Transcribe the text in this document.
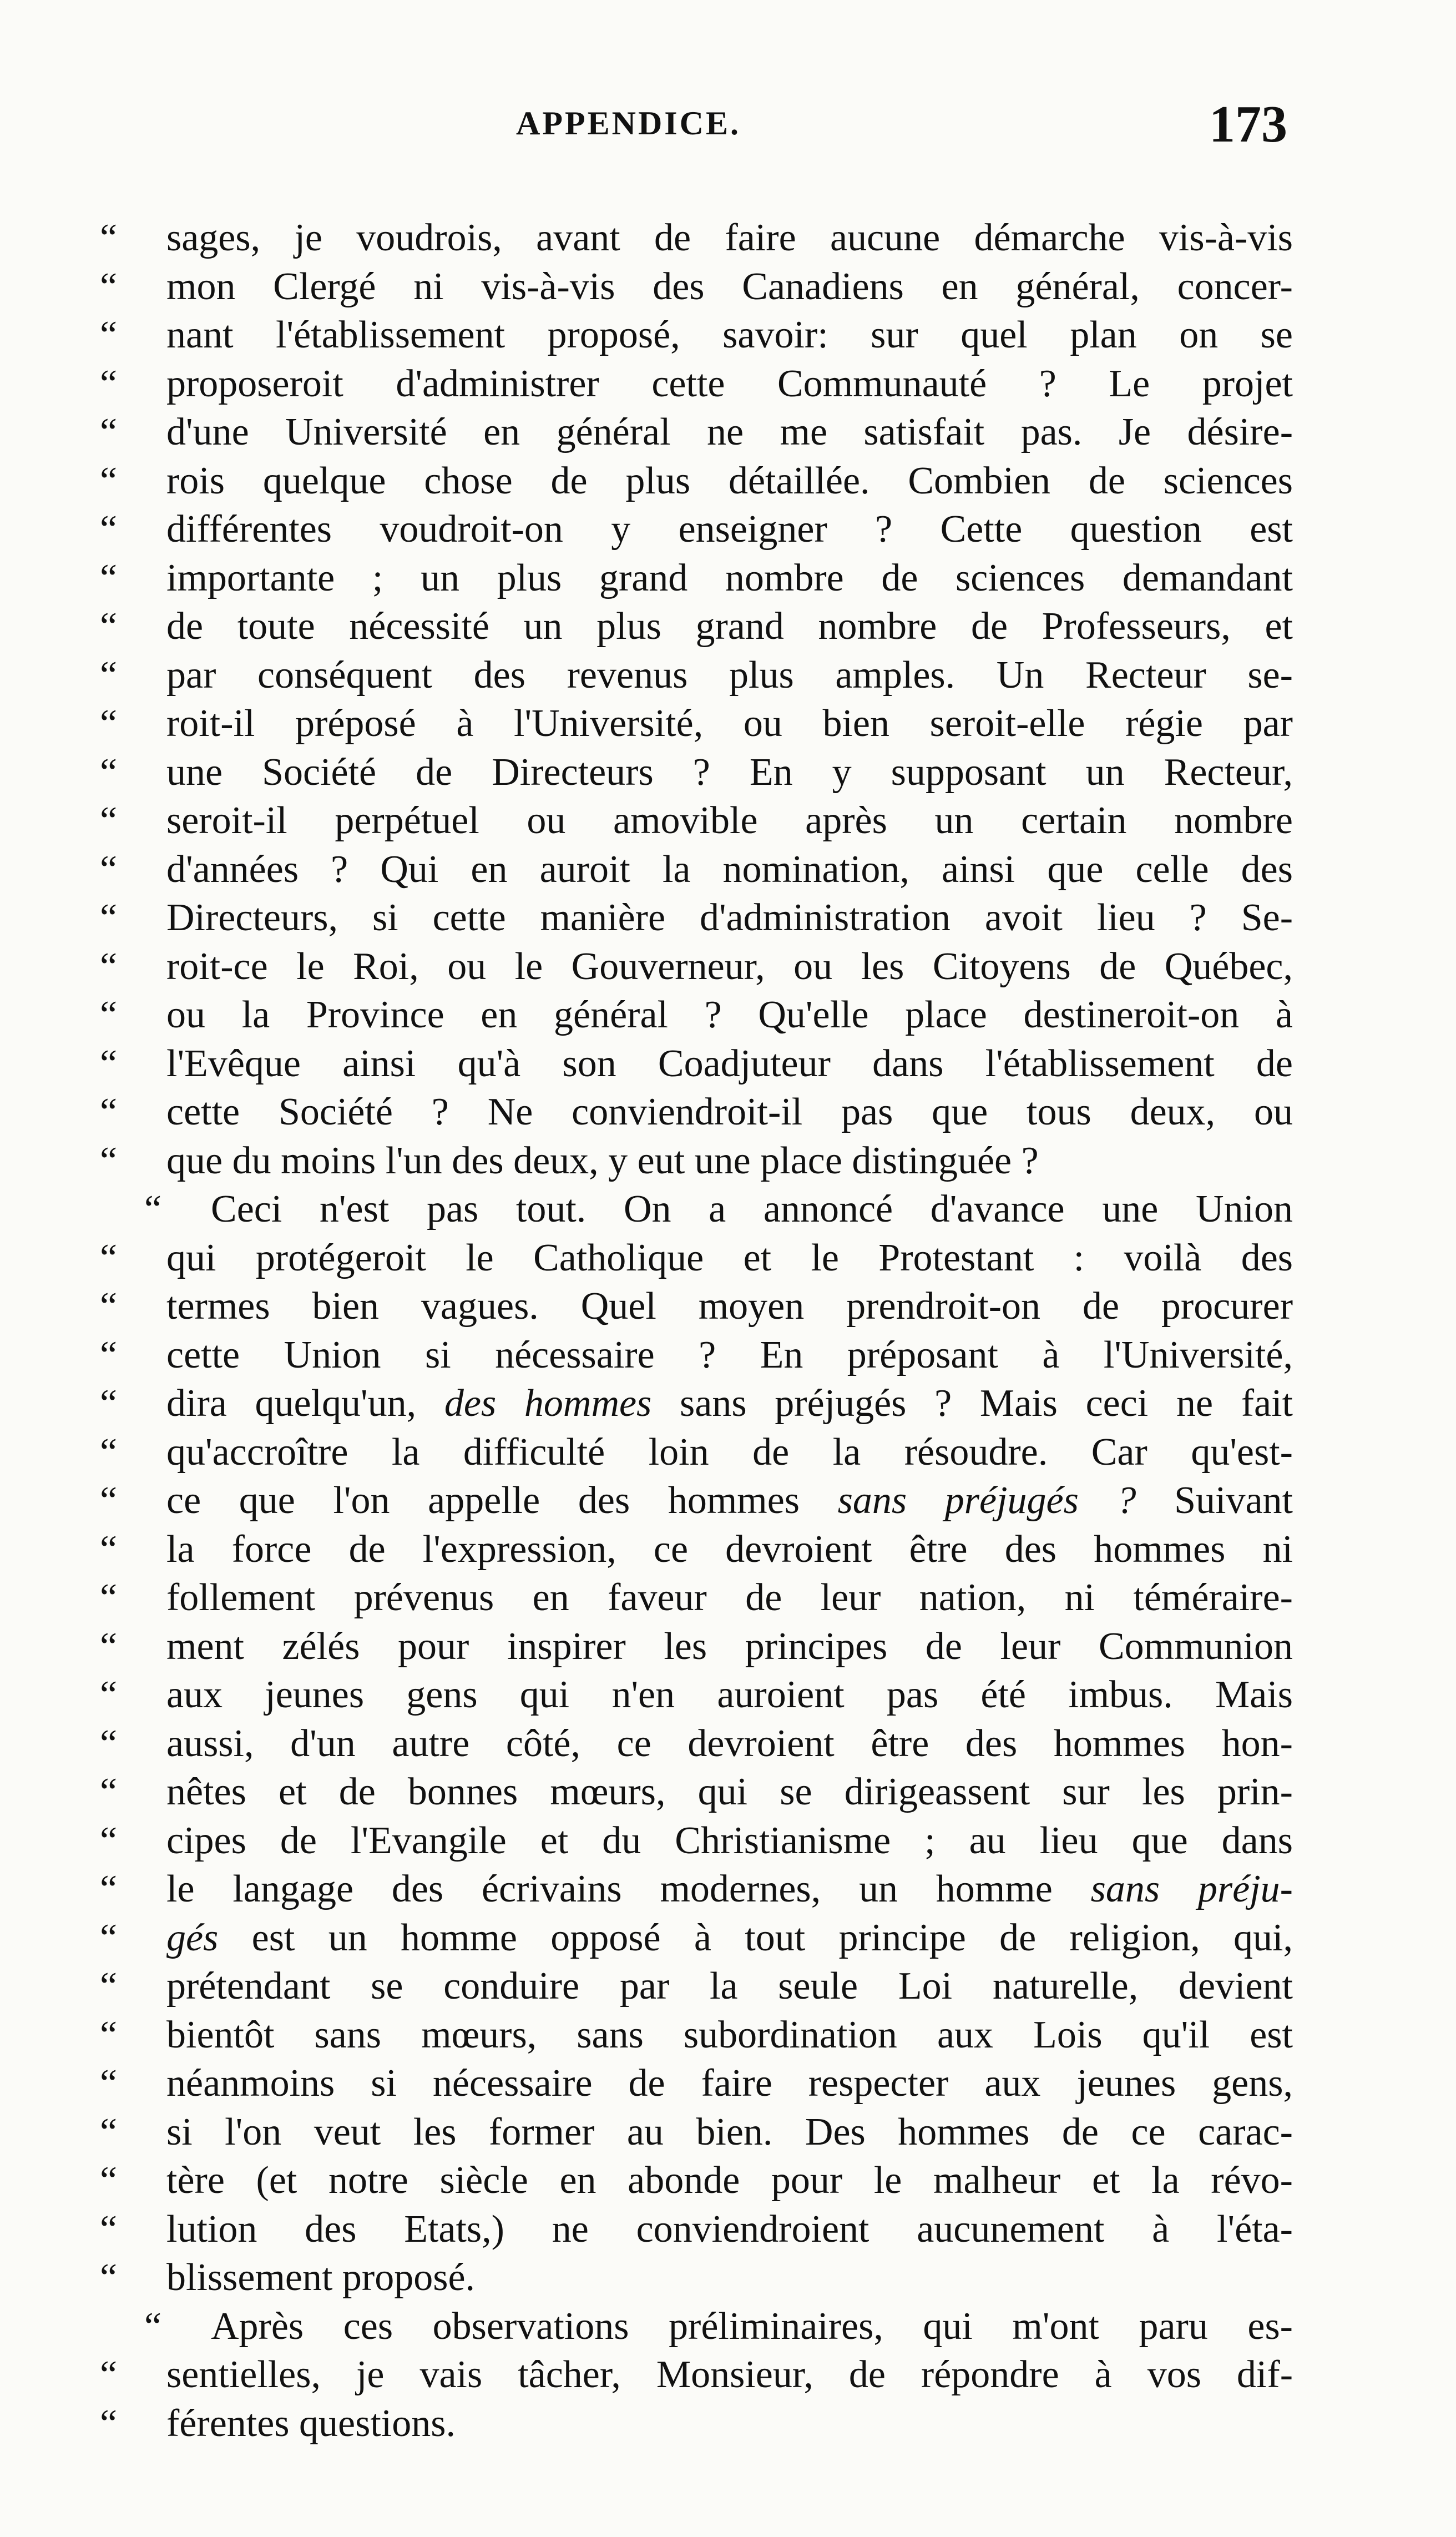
APPENDICE.	173
“	sages, je voudrois, avant de faire aucune démarche vis-à-vis
“	mon Clergé ni vis-à-vis des Canadiens en général, concer-
“	nant l'établissement proposé, savoir: sur quel plan on se
“	proposeroit d'administrer cette Communauté ? Le projet
“	d'une Université en général ne me satisfait pas. Je désire-
“	rois quelque chose de plus détaillée. Combien de sciences
“	différentes voudroit-on y enseigner ? Cette question est
“	importante ; un plus grand nombre de sciences demandant
“	de toute nécessité un plus grand nombre de Professeurs, et
“	par conséquent des revenus plus amples. Un Recteur se-
“	roit-il préposé à l'Université, ou bien seroit-elle régie par
“	une Société de Directeurs ? En y supposant un Recteur,
“	seroit-il perpétuel ou amovible après un certain nombre
“	d'années ? Qui en auroit la nomination, ainsi que celle des
“	Directeurs, si cette manière d'administration avoit lieu ? Se-
“	roit-ce le Roi, ou le Gouverneur, ou les Citoyens de Québec,
“	ou la Province en général ? Qu'elle place destineroit-on à
“	l'Evêque ainsi qu'à son Coadjuteur dans l'établissement de
“	cette Société ? Ne conviendroit-il pas que tous deux, ou
“	que du moins l'un des deux, y eut une place distinguée ?
“	Ceci n'est pas tout. On a annoncé d'avance une Union
“	qui protégeroit le Catholique et le Protestant : voilà des
“	termes bien vagues. Quel moyen prendroit-on de procurer
“	cette Union si nécessaire ? En préposant à l'Université,
“	dira quelqu'un, des hommes sans préjugés ? Mais ceci ne fait
“	qu'accroître la difficulté loin de la résoudre. Car qu'est-
“	ce que l'on appelle des hommes sans préjugés ? Suivant
“	la force de l'expression, ce devroient être des hommes ni
“	follement prévenus en faveur de leur nation, ni téméraire-
“	ment zélés pour inspirer les principes de leur Communion
“	aux jeunes gens qui n'en auroient pas été imbus. Mais
“	aussi, d'un autre côté, ce devroient être des hommes hon-
“	nêtes et de bonnes mœurs, qui se dirigeassent sur les prin-
“	cipes de l'Evangile et du Christianisme ; au lieu que dans
“	le langage des écrivains modernes, un homme sans préju-
“	gés est un homme opposé à tout principe de religion, qui,
“	prétendant se conduire par la seule Loi naturelle, devient
“	bientôt sans mœurs, sans subordination aux Lois qu'il est
“	néanmoins si nécessaire de faire respecter aux jeunes gens,
“	si l'on veut les former au bien. Des hommes de ce carac-
“	tère (et notre siècle en abonde pour le malheur et la révo-
“	lution des Etats,) ne conviendroient aucunement à l'éta-
“	blissement proposé.
“	Après ces observations préliminaires, qui m'ont paru es-
“	sentielles, je vais tâcher, Monsieur, de répondre à vos dif-
“	férentes questions.
